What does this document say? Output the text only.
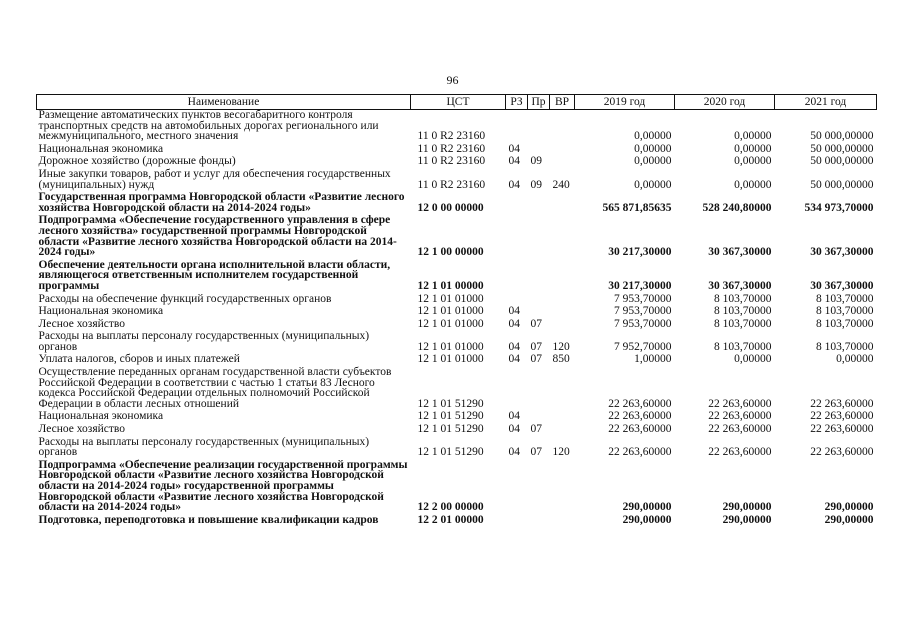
96
Наименование	ЦСТ	РЗ	Пр	ВР	2019 год	2020 год	2021 год
Размещение автоматических пунктов весогабаритного контроля транспортных средств на автомобильных дорогах регионального или межмуниципального, местного значения	11 0 R2 23160				0,00000	0,00000	50 000,00000
Национальная экономика	11 0 R2 23160	04			0,00000	0,00000	50 000,00000
Дорожное хозяйство (дорожные фонды)	11 0 R2 23160	04	09		0,00000	0,00000	50 000,00000
Иные закупки товаров, работ и услуг для обеспечения государственных (муниципальных) нужд	11 0 R2 23160	04	09	240	0,00000	0,00000	50 000,00000
Государственная программа Новгородской области «Развитие лесного хозяйства Новгородской области на 2014-2024 годы»	12 0 00 00000				565 871,85635	528 240,80000	534 973,70000
Подпрограмма «Обеспечение государственного управления в сфере лесного хозяйства» государственной программы Новгородской области «Развитие лесного хозяйства Новгородской области на 2014-2024 годы»	12 1 00 00000				30 217,30000	30 367,30000	30 367,30000
Обеспечение деятельности органа исполнительной власти области, являющегося ответственным исполнителем государственной программы	12 1 01 00000				30 217,30000	30 367,30000	30 367,30000
Расходы на обеспечение функций государственных органов	12 1 01 01000				7 953,70000	8 103,70000	8 103,70000
Национальная экономика	12 1 01 01000	04			7 953,70000	8 103,70000	8 103,70000
Лесное хозяйство	12 1 01 01000	04	07		7 953,70000	8 103,70000	8 103,70000
Расходы на выплаты персоналу государственных (муниципальных) органов	12 1 01 01000	04	07	120	7 952,70000	8 103,70000	8 103,70000
Уплата налогов, сборов и иных платежей	12 1 01 01000	04	07	850	1,00000	0,00000	0,00000
Осуществление переданных органам государственной власти субъектов Российской Федерации в соответствии с частью 1 статьи 83 Лесного кодекса Российской Федерации отдельных полномочий Российской Федерации в области лесных отношений	12 1 01 51290				22 263,60000	22 263,60000	22 263,60000
Национальная экономика	12 1 01 51290	04			22 263,60000	22 263,60000	22 263,60000
Лесное хозяйство	12 1 01 51290	04	07		22 263,60000	22 263,60000	22 263,60000
Расходы на выплаты персоналу государственных (муниципальных) органов	12 1 01 51290	04	07	120	22 263,60000	22 263,60000	22 263,60000
Подпрограмма «Обеспечение реализации государственной программы Новгородской области «Развитие лесного хозяйства Новгородской области на 2014-2024 годы» государственной программы Новгородской области «Развитие лесного хозяйства Новгородской области на 2014-2024 годы»	12 2 00 00000				290,00000	290,00000	290,00000
Подготовка, переподготовка и повышение квалификации кадров	12 2 01 00000				290,00000	290,00000	290,00000
